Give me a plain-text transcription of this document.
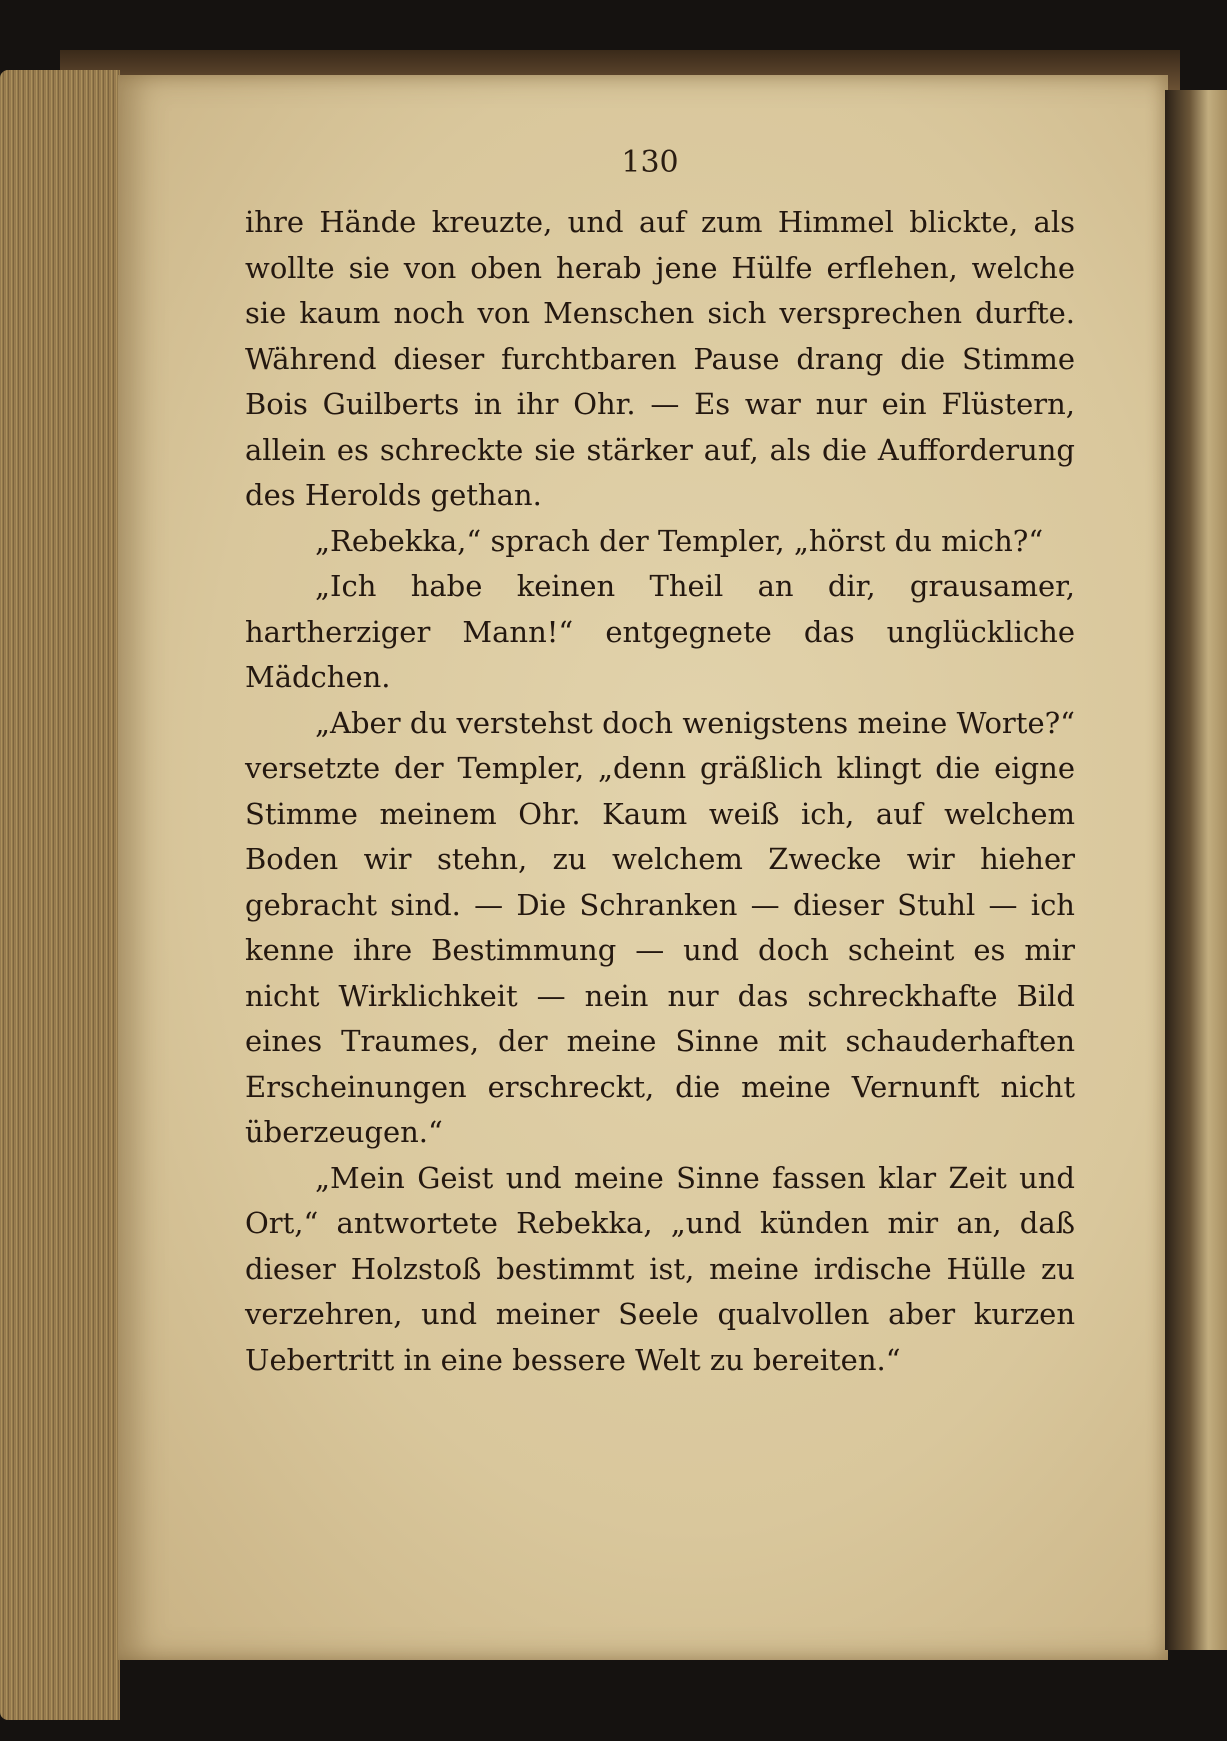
130

ihre Hände kreuzte, und auf zum Himmel blickte, als wollte sie von oben herab jene Hülfe erflehen, welche sie kaum noch von Menschen sich versprechen durfte. Während dieser furchtbaren Pause drang die Stimme Bois Guilberts in ihr Ohr. — Es war nur ein Flüstern, allein es schreckte sie stärker auf, als die Aufforderung des Herolds gethan.

„Rebekka,“ sprach der Templer, „hörst du mich?“

„Ich habe keinen Theil an dir, grausamer, hartherziger Mann!“ entgegnete das unglückliche Mädchen.

„Aber du verstehst doch wenigstens meine Worte?“ versetzte der Templer, „denn gräßlich klingt die eigne Stimme meinem Ohr. Kaum weiß ich, auf welchem Boden wir stehn, zu welchem Zwecke wir hieher gebracht sind. — Die Schranken — dieser Stuhl — ich kenne ihre Bestimmung — und doch scheint es mir nicht Wirklichkeit — nein nur das schreckhafte Bild eines Traumes, der meine Sinne mit schauderhaften Erscheinungen erschreckt, die meine Vernunft nicht überzeugen.“

„Mein Geist und meine Sinne fassen klar Zeit und Ort,“ antwortete Rebekka, „und künden mir an, daß dieser Holzstoß bestimmt ist, meine irdische Hülle zu verzehren, und meiner Seele qualvollen aber kurzen Uebertritt in eine bessere Welt zu bereiten.“
